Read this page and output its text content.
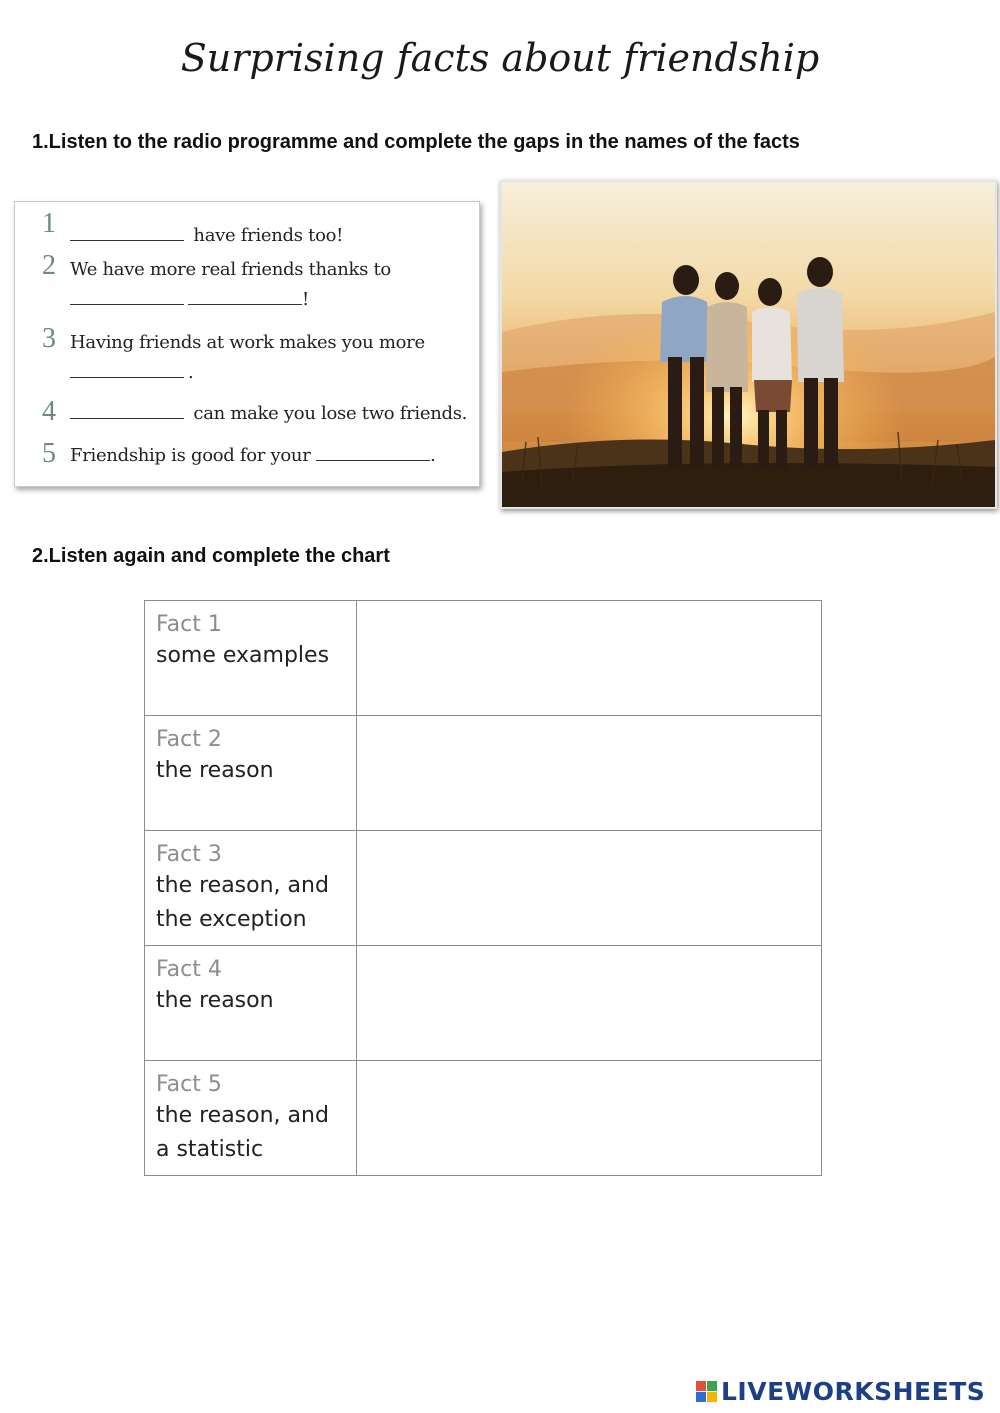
Surprising facts about friendship
1.Listen to the radio programme and complete the gaps in the names of the facts
1	have friends too!
2 We have more real friends thanks to
!
3 Having friends at work makes you more
.
4	can make you lose two friends.
5 Friendship is good for your	.
2.Listen again and complete the chart
Fact 1
some examples	

Fact 2
the reason	

Fact 3
the reason, and
the exception	

Fact 4
the reason	

Fact 5
the reason, and
a statistic	

LIVEWORKSHEETS
